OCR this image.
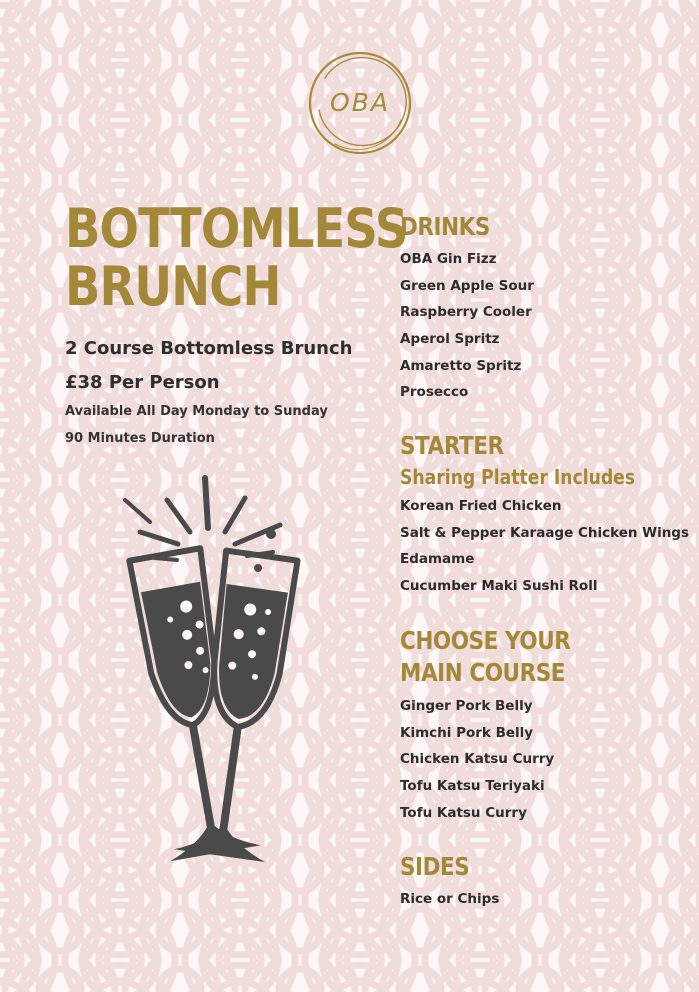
OBA
BOTTOMLESS
BRUNCH

2 Course Bottomless Brunch

£38 Per Person

Available All Day Monday to Sunday

90 Minutes Duration

DRINKS
OBA Gin Fizz
Green Apple Sour
Raspberry Cooler
Aperol Spritz
Amaretto Spritz
Prosecco
STARTER
Sharing Platter Includes
Korean Fried Chicken
Salt & Pepper Karaage Chicken Wings
Edamame
Cucumber Maki Sushi Roll
CHOOSE YOUR
MAIN COURSE
Ginger Pork Belly
Kimchi Pork Belly
Chicken Katsu Curry
Tofu Katsu Teriyaki
Tofu Katsu Curry
SIDES
Rice or Chips
